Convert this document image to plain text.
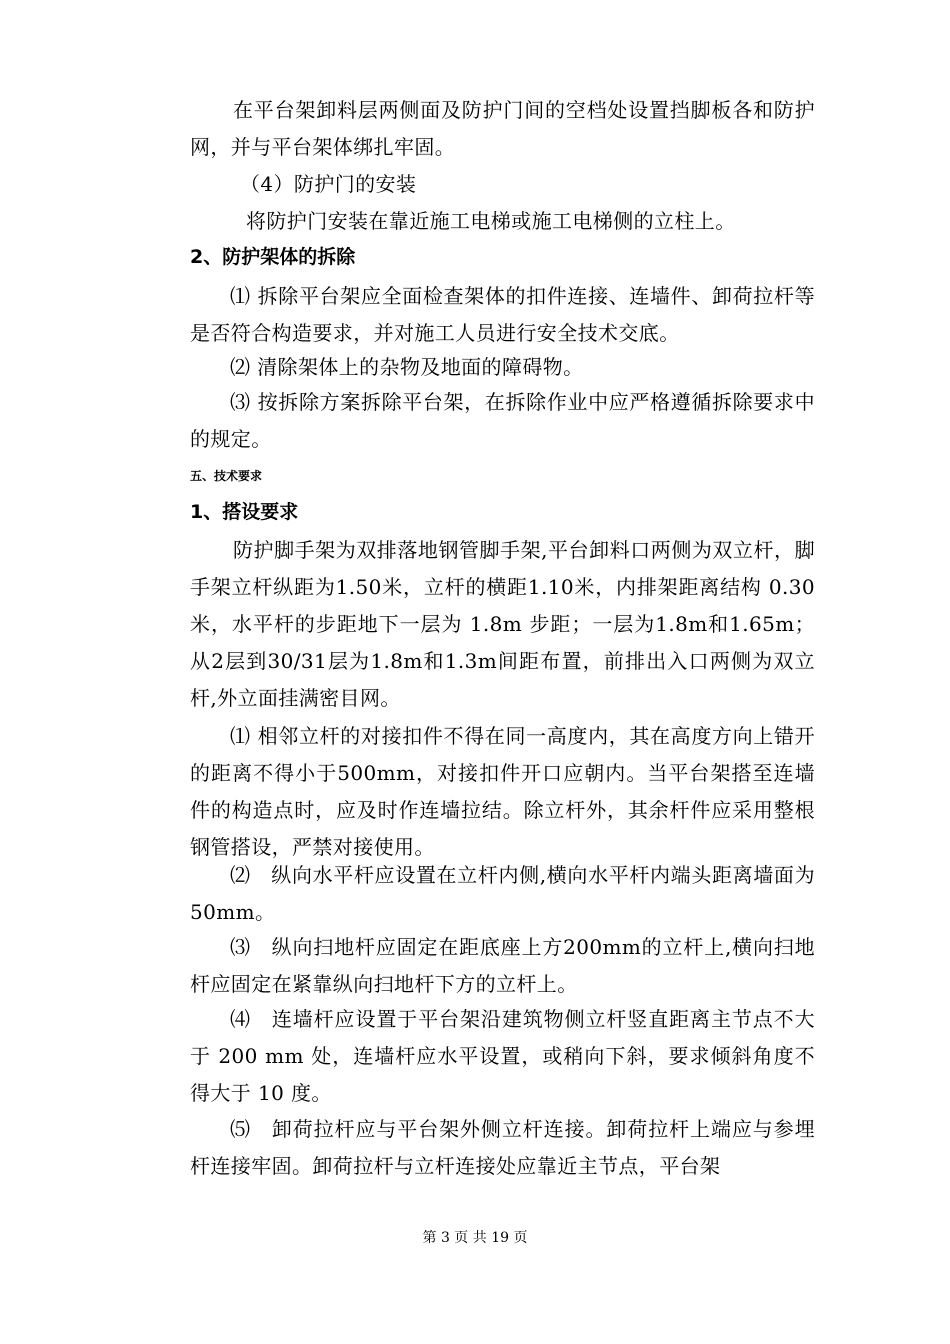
在平台架卸料层两侧面及防护门间的空档处设置挡脚板各和防护网，并与平台架体绑扎牢固。

（4）防护门的安装

将防护门安装在靠近施工电梯或施工电梯侧的立柱上。

2、防护架体的拆除

⑴ 拆除平台架应全面检查架体的扣件连接、连墙件、卸荷拉杆等是否符合构造要求，并对施工人员进行安全技术交底。

⑵ 清除架体上的杂物及地面的障碍物。

⑶ 按拆除方案拆除平台架，在拆除作业中应严格遵循拆除要求中的规定。

五、技术要求
1、搭设要求

防护脚手架为双排落地钢管脚手架,平台卸料口两侧为双立杆，脚手架立杆纵距为1.50米，立杆的横距1.10米，内排架距离结构 0.30 米，水平杆的步距地下一层为 1.8m 步距；一层为1.8m和1.65m；从2层到30/31层为1.8m和1.3m间距布置，前排出入口两侧为双立杆,外立面挂满密目网。

⑴ 相邻立杆的对接扣件不得在同一高度内，其在高度方向上错开的距离不得小于500mm，对接扣件开口应朝内。当平台架搭至连墙件的构造点时，应及时作连墙拉结。除立杆外，其余杆件应采用整根钢管搭设，严禁对接使用。

⑵　纵向水平杆应设置在立杆内侧,横向水平杆内端头距离墙面为50mm。

⑶　纵向扫地杆应固定在距底座上方200mm的立杆上,横向扫地杆应固定在紧靠纵向扫地杆下方的立杆上。

⑷　连墙杆应设置于平台架沿建筑物侧立杆竖直距离主节点不大于 200 mm 处，连墙杆应水平设置，或稍向下斜，要求倾斜角度不得大于 10 度。

⑸　卸荷拉杆应与平台架外侧立杆连接。卸荷拉杆上端应与参埋杆连接牢固。卸荷拉杆与立杆连接处应靠近主节点，平台架

第 3 页 共 19 页
